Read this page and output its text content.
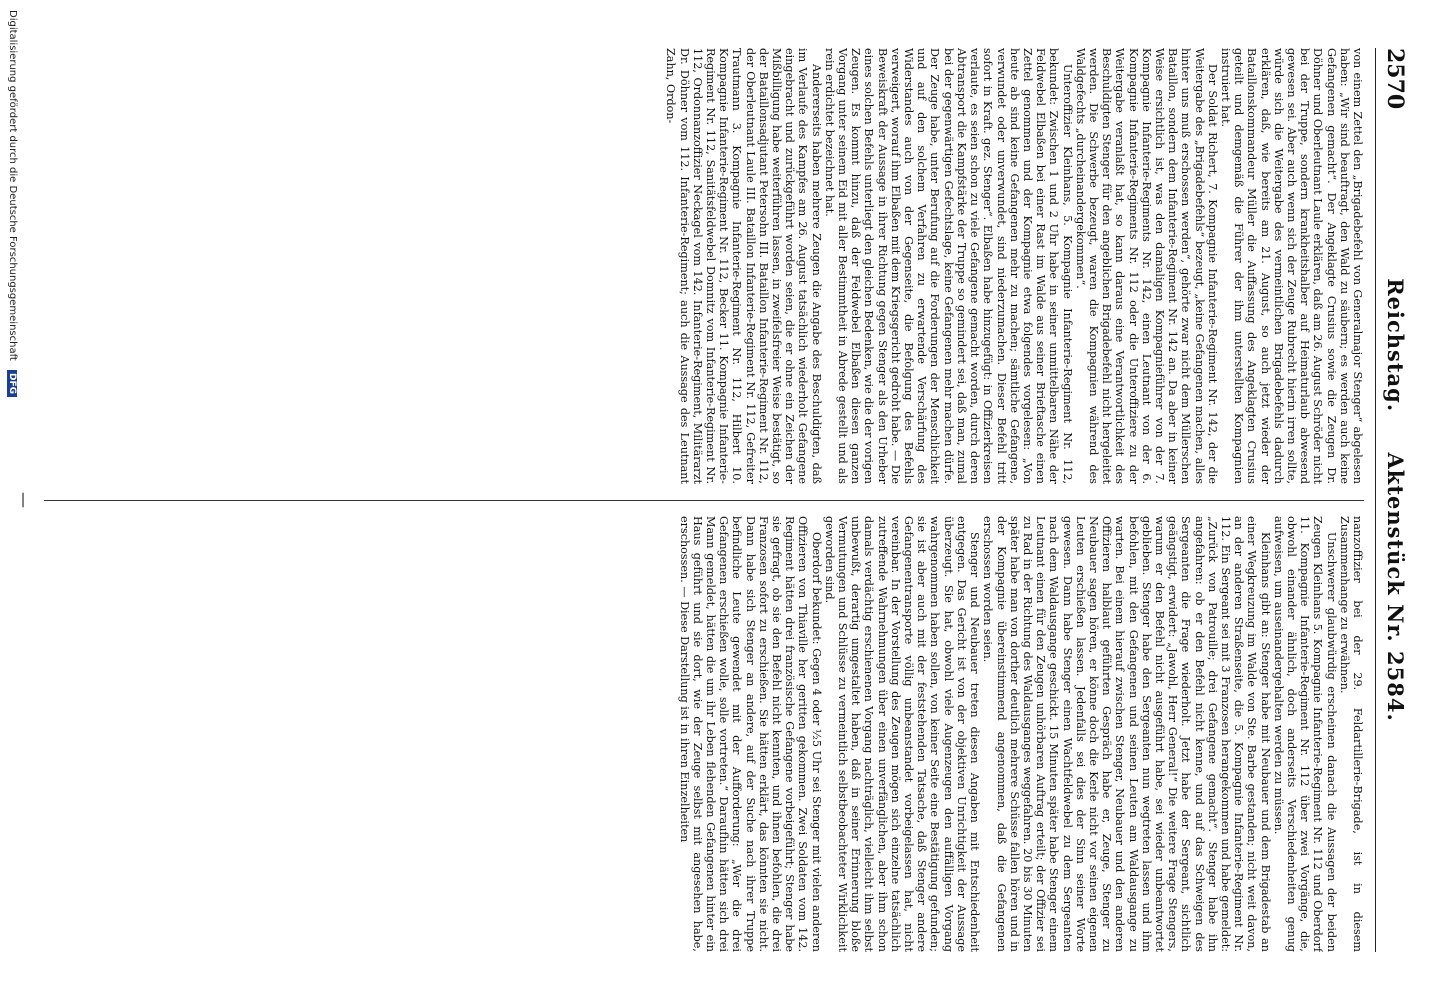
2570
Reichstag. Aktenstück Nr. 2584.

von einem Zettel den „Brigadebefehl von Generalmajor Stenger“ abgelesen haben: „Wir sind beauftragt, den Wald zu säubern; es werden auch keine Gefangenen gemacht“. Der Angeklagte Crusius sowie die Zeugen Dr. Döhner und Oberleutnant Laule erklären, daß am 26. August Schröder nicht bei der Truppe, sondern krankheitshalber auf Heimaturlaub abwesend gewesen sei. Aber auch wenn sich der Zeuge Rubrecht hierin irren sollte, würde sich die Weitergabe des vermeintlichen Brigadebefehls dadurch erklären, daß, wie bereits am 21. August, so auch jetzt wieder der Bataillonskommandeur Müller die Auffassung des Angeklagten Crusius geteilt und demgemäß die Führer der ihm unterstellten Kompagnien instruiert hat.

Der Soldat Richert, 7. Kompagnie Infanterie-Regiment Nr. 142, der die Weitergabe des „Brigadebefehls“ bezeugt, „keine Gefangenen machen, alles hinter uns muß erschossen werden“, gehörte zwar nicht dem Müllerschen Bataillon, sondern dem Infanterie-Regiment Nr. 142 an. Da aber in keiner Weise ersichtlich ist, was den damaligen Kompagnieführer von der 7. Kompagnie Infanterie-Regiments Nr. 142, einen Leutnant von der 6. Kompagnie Infanterie-Regiments Nr. 112 oder die Unteroffiziere zu der Weitergabe veranlaßt hat, so kann daraus eine Verantwortlichkeit des Beschuldigten Stenger für den angeblichen Brigadebefehl nicht hergeleitet werden. Die Schwerbe bezeugt, waren die Kompagnien während des Waldgefechts „durcheinandergekommen“.

Unteroffizier Kleinhans, 5. Kompagnie Infanterie-Regiment Nr. 112, bekundet: Zwischen 1 und 2 Uhr habe in seiner unmittelbaren Nähe der Feldwebel Elbaßen bei einer Rast im Walde aus seiner Brieftasche einen Zettel genommen und der Kompagnie etwa folgendes vorgelesen: „Von heute ab sind keine Gefangenen mehr zu machen; sämtliche Gefangene, verwundet oder unverwundet, sind niederzumachen. Dieser Befehl tritt sofort in Kraft. gez. Stenger“. Elbaßen habe hinzugefügt: in Offizierkreisen verlaute, es seien schon zu viele Gefangene gemacht worden, durch deren Abtransport die Kampfstärke der Truppe so gemindert sei, daß man, zumal bei der gegenwärtigen Gefechtslage, keine Gefangenen mehr machen dürfe. Der Zeuge habe, unter Berufung auf die Forderungen der Menschlichkeit und auf den solchem Verfahren zu erwartende Verschärfung des Widerstandes auch von der Gegenseite, die Befolgung des Befehls verweigert, worauf ihm Elbaßen mit dem Kriegsgericht gedroht habe. — Die Beweiskraft der Aussage in ihrer Richtung gegen Stenger als den Urheber eines solchen Befehls unterliegt den gleichen Bedenken, wie die der vorigen Zeugen. Es kommt hinzu, daß der Feldwebel Elbaßen diesen ganzen Vorgang unter seinem Eid mit aller Bestimmtheit in Abrede gestellt und als rein erdichtet bezeichnet hat.

Andererseits haben mehrere Zeugen die Angabe des Beschuldigten, daß im Verlaufe des Kampfes am 26. August tatsächlich wiederholt Gefangene eingebracht und zurückgeführt worden seien, die er ohne ein Zeichen der Mißbilligung habe weiterführen lassen, in zweifelsfreier Weise bestätigt, so der Bataillonsadjutant Petersohn III. Bataillon Infanterie-Regiment Nr. 112, der Oberleutnant Laule III. Bataillon Infanterie-Regiment Nr. 112, Gefreiter Trautmann 3. Kompagnie Infanterie-Regiment Nr. 112, Hilbert 10. Kompagnie Infanterie-Regiment Nr. 112, Becker 11. Kompagnie Infanterie-Regiment Nr. 112, Sanitätsfeldwebel Domnitz vom Infanterie-Regiment Nr. 112, Ordonnanzoffizier Neckagel vom 142. Infanterie-Regiment, Militärarzt Dr. Döhner vom 112. Infanterie-Regiment; auch die Aussage des Leutnant Zahn, Ordon-

nanzoffizier bei der 29. Feldartillerie-Brigade, ist in diesem Zusammenhange zu erwähnen.

Unschwerer glaubwürdig erscheinen danach die Aussagen der beiden Zeugen Kleinhans 5. Kompagnie Infanterie-Regiment Nr. 112 und Oberdorf 11. Kompagnie Infanterie-Regiment Nr. 112 über zwei Vorgänge, die, obwohl einander ähnlich, doch anderseits Verschiedenheiten genug aufweisen, um auseinandergehalten werden zu müssen.

Kleinhans gibt an: Stenger habe mit Neubauer und dem Brigadestab an einer Wegkreuzung im Walde von Ste. Barbe gestanden; nicht weit davon, an der anderen Straßenseite, die 5. Kompagnie Infanterie-Regiment Nr. 112. Ein Sergeant sei mit 3 Franzosen herangekommen und habe gemeldet: „Zurück von Patrouille; drei Gefangene gemacht“. Stenger habe ihn angefahren: ob er den Befehl nicht kenne, und auf das Schweigen des Sergeanten die Frage wiederholt. Jetzt habe der Sergeant, sichtlich geängstigt, erwidert: „Jawohl, Herr General!“ Die weitere Frage Stengers, warum er den Befehl nicht ausgeführt habe, sei wieder unbeantwortet geblieben. Stenger habe den Sergeanten nun wegtreten lassen und ihm befohlen, mit den Gefangenen und seinen Leuten am Waldausgange zu warten. Bei einem hierauf zwischen Stenger, Neubauer und den anderen Offizieren halblaut geführten Gespräch habe er, Zeuge, Stenger zu Neubauer sagen hören, er könne doch die Kerle nicht vor seinen eigenen Leuten erschießen lassen. Jedenfalls sei dies der Sinn seiner Worte gewesen. Dann habe Stenger einen Wachtfeldwebel zu dem Sergeanten nach dem Waldausgange geschickt. 15 Minuten später habe Stenger einem Leutnant einen für den Zeugen unhörbaren Auftrag erteilt; der Offizier sei zu Rad in der Richtung des Waldausganges weggefahren. 20 bis 30 Minuten später habe man von dorther deutlich mehrere Schüsse fallen hören und in der Kompagnie übereinstimmend angenommen, daß die Gefangenen erschossen worden seien.

Stenger und Neubauer treten diesen Angaben mit Entschiedenheit entgegen. Das Gericht ist von der objektiven Unrichtigkeit der Aussage überzeugt. Sie hat, obwohl viele Augenzeugen den auffälligen Vorgang wahrgenommen haben sollen, von keiner Seite eine Bestätigung gefunden; sie ist aber auch mit der feststehenden Tatsache, daß Stenger andere Gefangenentransporte völlig unbeanstandet vorbeigelassen hat, nicht vereinbar. In der Vorstellung des Zeugen mögen sich einzelne tatsächlich zutreffende Wahrnehmungen über einen unverfänglichen, aber ihm schon damals verdächtig erschienenen Vorgang nachträglich, vielleicht ihm selbst unbewußt, derartig umgestaltet haben, daß in seiner Erinnerung bloße Vermutungen und Schlüsse zu vermeintlich selbstbeobachteter Wirklichkeit geworden sind.

Oberdorf bekundet: Gegen 4 oder ½5 Uhr sei Stenger mit vielen anderen Offizieren von Thiaville her geritten gekommen. Zwei Soldaten vom 142. Regiment hätten drei französische Gefangene vorbeigeführt; Stenger habe sie gefragt, ob sie den Befehl nicht kennten, und ihnen befohlen, die drei Franzosen sofort zu erschießen. Sie hätten erklärt, das könnten sie nicht. Dann habe sich Stenger an andere, auf der Suche nach ihrer Truppe befindliche Leute gewendet mit der Aufforderung: „Wer die drei Gefangenen erschießen wolle, solle vortreten.“ Daraufhin hätten sich drei Mann gemeldet, hätten die um ihr Leben flehenden Gefangenen hinter ein Haus geführt und sie dort, wie der Zeuge selbst mit angesehen habe, erschossen. — Diese Darstellung ist in ihren Einzelheiten

—
Digitalisierung gefördert durch die Deutsche Forschungsgemeinschaft DFG
